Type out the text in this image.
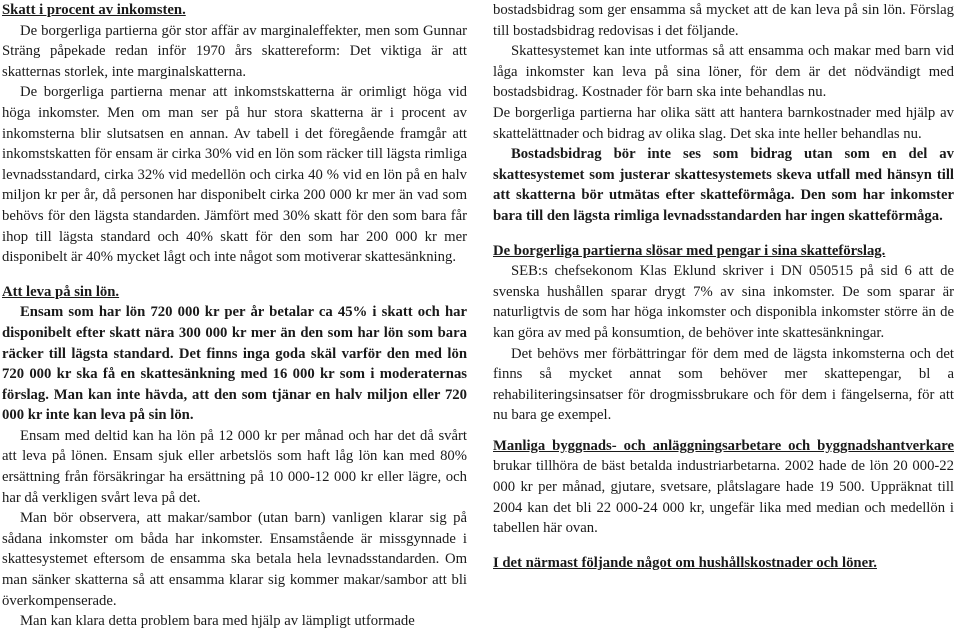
Skatt i procent av inkomsten.

De borgerliga partierna gör stor affär av marginaleffekter, men som Gunnar Sträng påpekade redan inför 1970 års skattereform: Det viktiga är att skatternas storlek, inte marginalskatterna.

De borgerliga partierna menar att inkomstskatterna är orimligt höga vid höga inkomster. Men om man ser på hur stora skatterna är i procent av inkomsterna blir slutsatsen en annan. Av tabell i det föregående framgår att inkomstskatten för ensam är cirka 30% vid en lön som räcker till lägsta rimliga levnadsstandard, cirka 32% vid medellön och cirka 40 % vid en lön på en halv miljon kr per år, då personen har disponibelt cirka 200 000 kr mer än vad som behövs för den lägsta standarden. Jämfört med 30% skatt för den som bara får ihop till lägsta standard och 40% skatt för den som har 200 000 kr mer disponibelt är 40% mycket lågt och inte något som motiverar skattesänkning.

Att leva på sin lön.

Ensam som har lön 720 000 kr per år betalar ca 45% i skatt och har disponibelt efter skatt nära 300 000 kr mer än den som har lön som bara räcker till lägsta standard. Det finns inga goda skäl varför den med lön 720 000 kr ska få en skattesänkning med 16 000 kr som i moderaternas förslag. Man kan inte hävda, att den som tjänar en halv miljon eller 720 000 kr inte kan leva på sin lön.

Ensam med deltid kan ha lön på 12 000 kr per månad och har det då svårt att leva på lönen. Ensam sjuk eller arbetslös som haft låg lön kan med 80% ersättning från försäkringar ha ersättning på 10 000-12 000 kr eller lägre, och har då verkligen svårt leva på det.

Man bör observera, att makar/sambor (utan barn) vanligen klarar sig på sådana inkomster om båda har inkomster. Ensamstående är missgynnade i skattesystemet eftersom de ensamma ska betala hela levnadsstandarden. Om man sänker skatterna så att ensamma klarar sig kommer makar/sambor att bli överkompenserade.

Man kan klara detta problem bara med hjälp av lämpligt utformade

bostadsbidrag som ger ensamma så mycket att de kan leva på sin lön. Förslag till bostadsbidrag redovisas i det följande.

Skattesystemet kan inte utformas så att ensamma och makar med barn vid låga inkomster kan leva på sina löner, för dem är det nödvändigt med bostadsbidrag. Kostnader för barn ska inte behandlas nu.

De borgerliga partierna har olika sätt att hantera barnkostnader med hjälp av skattelättnader och bidrag av olika slag. Det ska inte heller behandlas nu.

Bostadsbidrag bör inte ses som bidrag utan som en del av skattesystemet som justerar skattesystemets skeva utfall med hänsyn till att skatterna bör utmätas efter skatteförmåga. Den som har inkomster bara till den lägsta rimliga levnadsstandarden har ingen skatteförmåga.

De borgerliga partierna slösar med pengar i sina skatteförslag.

SEB:s chefsekonom Klas Eklund skriver i DN 050515 på sid 6 att de svenska hushållen sparar drygt 7% av sina inkomster. De som sparar är naturligtvis de som har höga inkomster och disponibla inkomster större än de kan göra av med på konsumtion, de behöver inte skattesänkningar.

Det behövs mer förbättringar för dem med de lägsta inkomsterna och det finns så mycket annat som behöver mer skattepengar, bl a rehabiliteringsinsatser för drogmissbrukare och för dem i fängelserna, för att nu bara ge exempel.

Manliga byggnads- och anläggningsarbetare och byggnadshantverkare brukar tillhöra de bäst betalda industriarbetarna. 2002 hade de lön 20 000-22 000 kr per månad, gjutare, svetsare, plåtslagare hade 19 500. Uppräknat till 2004 kan det bli 22 000-24 000 kr, ungefär lika med median och medellön i tabellen här ovan.

I det närmast följande något om hushållskostnader och löner.
